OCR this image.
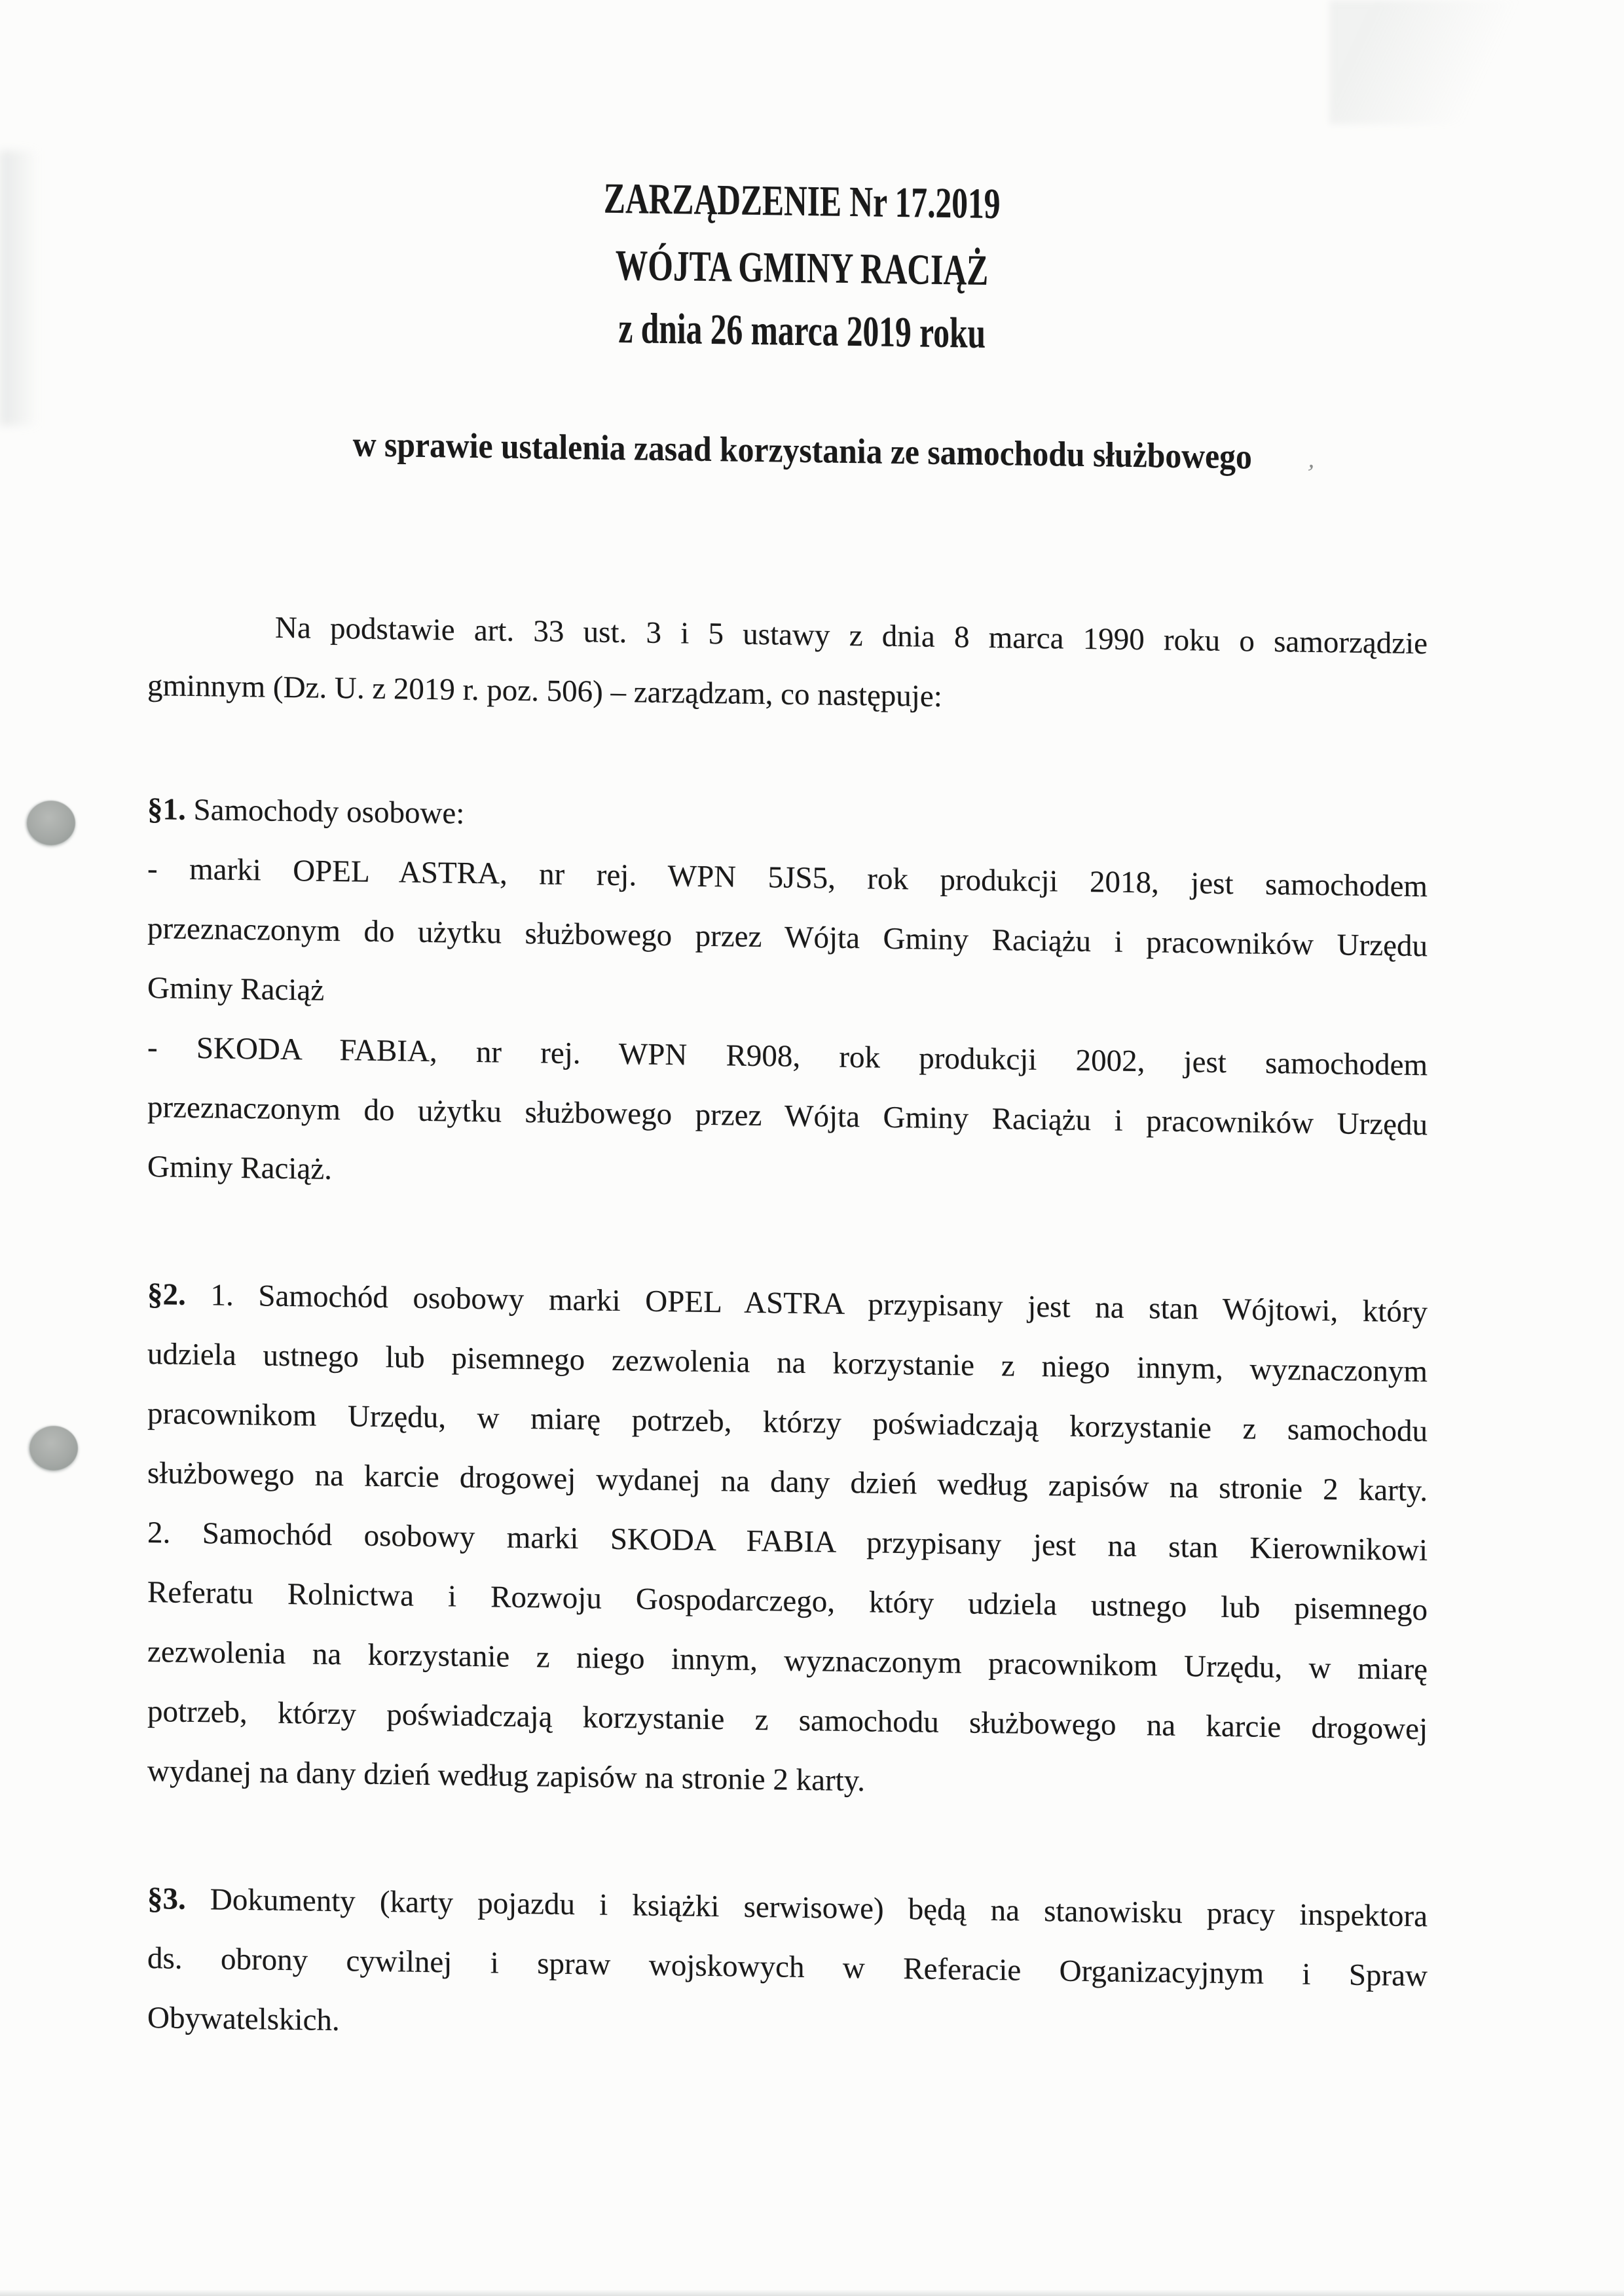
,
ZARZĄDZENIE Nr 17.2019
WÓJTA GMINY RACIĄŻ
z dnia 26 marca 2019 roku
w sprawie ustalenia zasad korzystania ze samochodu służbowego
Na podstawie art. 33 ust. 3 i 5 ustawy z dnia 8 marca 1990 roku o samorządzie
gminnym (Dz. U. z 2019 r. poz. 506) – zarządzam, co następuje:
§1. Samochody osobowe:
- marki OPEL ASTRA, nr rej. WPN 5JS5, rok produkcji 2018, jest samochodem
przeznaczonym do użytku służbowego przez Wójta Gminy Raciążu i pracowników Urzędu
Gminy Raciąż
- SKODA FABIA, nr rej. WPN R908, rok produkcji 2002, jest samochodem
przeznaczonym do użytku służbowego przez Wójta Gminy Raciążu i pracowników Urzędu
Gminy Raciąż.
§2. 1. Samochód osobowy marki OPEL ASTRA przypisany jest na stan Wójtowi, który
udziela ustnego lub pisemnego zezwolenia na korzystanie z niego innym, wyznaczonym
pracownikom Urzędu, w miarę potrzeb, którzy poświadczają korzystanie z samochodu
służbowego na karcie drogowej wydanej na dany dzień według zapisów na stronie 2 karty.
2. Samochód osobowy marki SKODA FABIA przypisany jest na stan Kierownikowi
Referatu Rolnictwa i Rozwoju Gospodarczego, który udziela ustnego lub pisemnego
zezwolenia na korzystanie z niego innym, wyznaczonym pracownikom Urzędu, w miarę
potrzeb, którzy poświadczają korzystanie z samochodu służbowego na karcie drogowej
wydanej na dany dzień według zapisów na stronie 2 karty.
§3. Dokumenty (karty pojazdu i książki serwisowe) będą na stanowisku pracy inspektora
ds. obrony cywilnej i spraw wojskowych w Referacie Organizacyjnym i Spraw
Obywatelskich.
